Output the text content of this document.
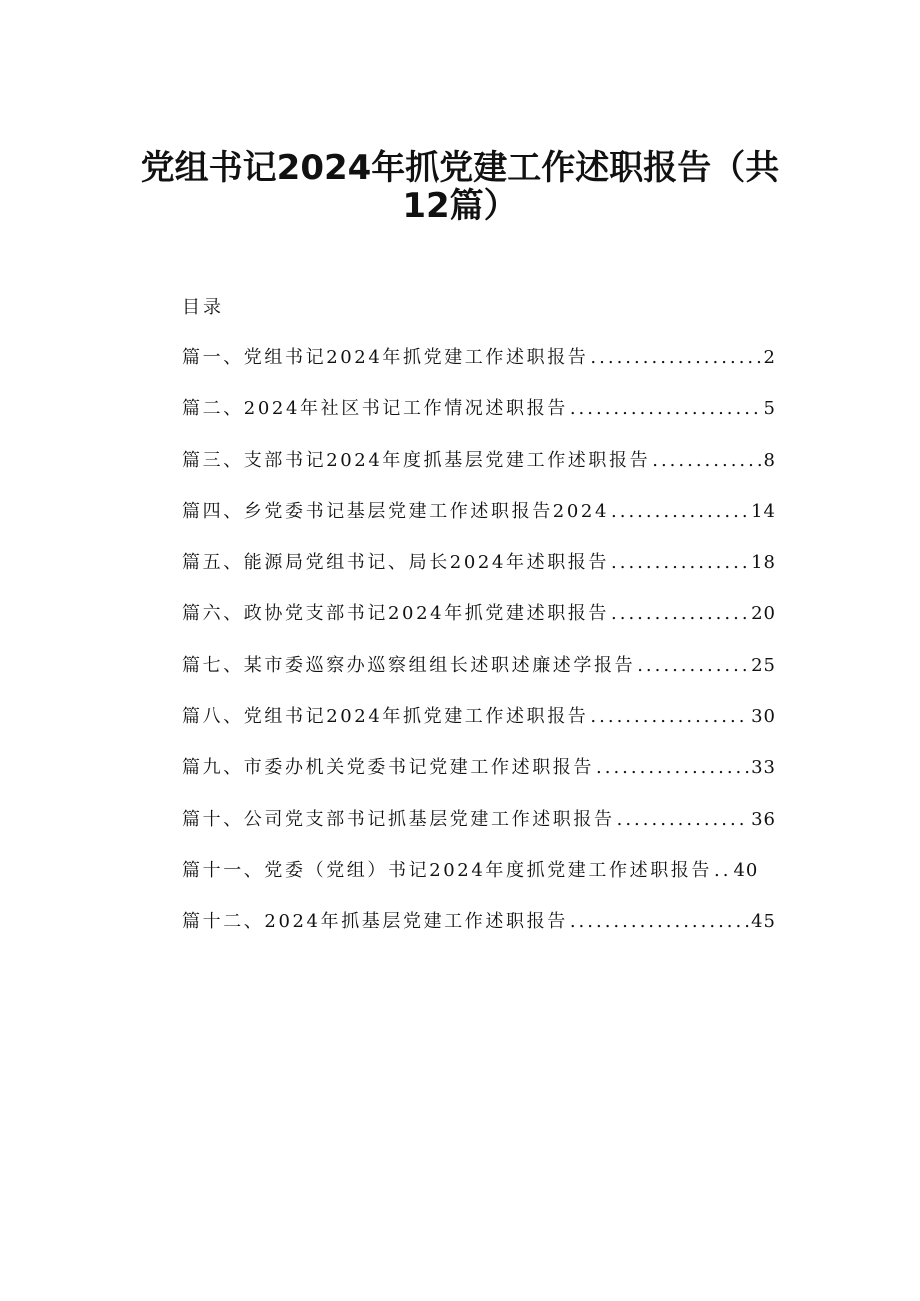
党组书记2024年抓党建工作述职报告（共
12篇）
目录
篇一、党组书记2024年抓党建工作述职报告 .....	2
篇二、2024年社区书记工作情况述职报告 .....	5
篇三、支部书记2024年度抓基层党建工作述职报告 .....	8
篇四、乡党委书记基层党建工作述职报告2024 .....	14
篇五、能源局党组书记、局长2024年述职报告 .....	18
篇六、政协党支部书记2024年抓党建述职报告 .....	20
篇七、某市委巡察办巡察组组长述职述廉述学报告 .....	25
篇八、党组书记2024年抓党建工作述职报告 .....	30
篇九、市委办机关党委书记党建工作述职报告 .....	33
篇十、公司党支部书记抓基层党建工作述职报告 .....	36
篇十一、党委（党组）书记2024年度抓党建工作述职报告 .. 40
篇十二、2024年抓基层党建工作述职报告 .....	45
